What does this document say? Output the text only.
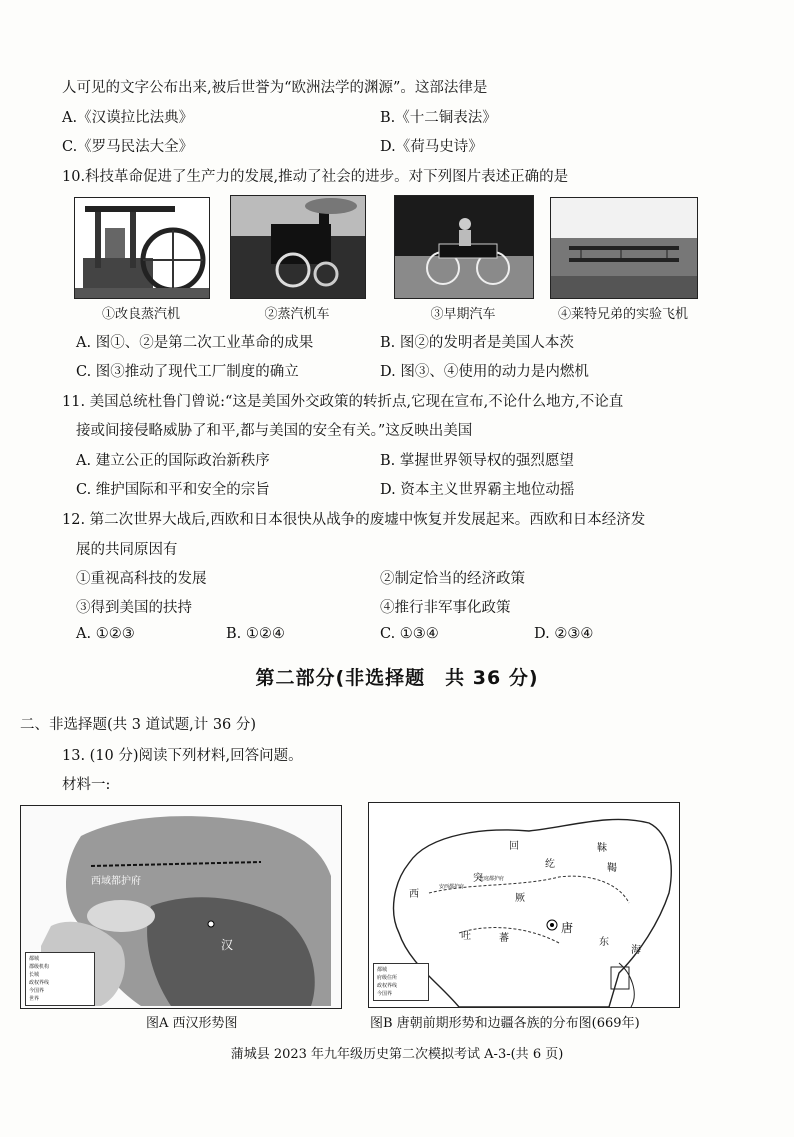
人可见的文字公布出来,被后世誉为“欧洲法学的渊源”。这部法律是
A.《汉谟拉比法典》	B.《十二铜表法》
C.《罗马民法大全》	D.《荷马史诗》
10.科技革命促进了生产力的发展,推动了社会的进步。对下列图片表述正确的是
①改良蒸汽机	②蒸汽机车	③早期汽车	④莱特兄弟的实验飞机
A. 图①、②是第二次工业革命的成果	B. 图②的发明者是美国人本茨
C. 图③推动了现代工厂制度的确立	D. 图③、④使用的动力是内燃机
11. 美国总统杜鲁门曾说:“这是美国外交政策的转折点,它现在宣布,不论什么地方,不论直
接或间接侵略威胁了和平,都与美国的安全有关。”这反映出美国
A. 建立公正的国际政治新秩序	B. 掌握世界领导权的强烈愿望
C. 维护国际和平和安全的宗旨	D. 资本主义世界霸主地位动摇
12. 第二次世界大战后,西欧和日本很快从战争的废墟中恢复并发展起来。西欧和日本经济发
展的共同原因有
①重视高科技的发展	②制定恰当的经济政策
③得到美国的扶持	④推行非军事化政策
A. ①②③	B. ①②④	C. ①③④	D. ②③④
第二部分(非选择题　共 36 分)
二、非选择题(共 3 道试题,计 36 分)
13. (10 分)阅读下列材料,回答问题。
材料一:
西域都护府
汉
都城
郡级机构
长城
政权界线
今国界
世界
图A 西汉形势图
回
纥
西
突
厥
吐	蕃
唐
东
海
靺
鞨
安西都护府
北庭都护府
都城
府级住所
政权界线
今国界
图B 唐朝前期形势和边疆各族的分布图(669年)
蒲城县 2023 年九年级历史第二次模拟考试 A-3-(共 6 页)
